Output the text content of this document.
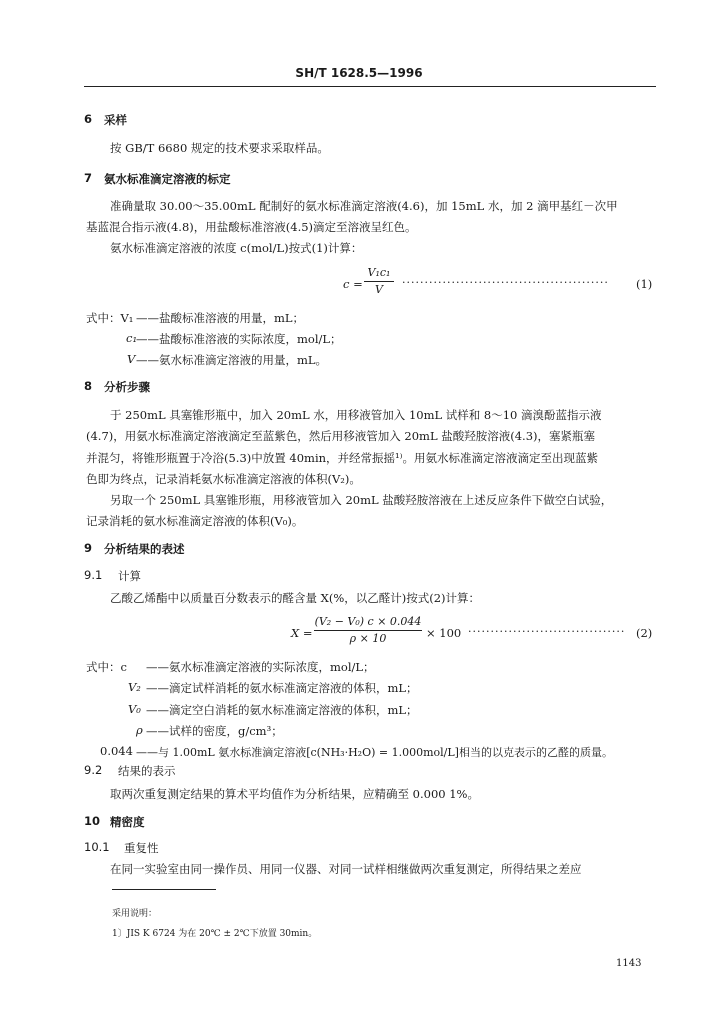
SH/T 1628.5—1996
6 采样
按 GB/T 6680 规定的技术要求采取样品。
7 氨水标准滴定溶液的标定
准确量取 30.00～35.00mL 配制好的氨水标准滴定溶液(4.6)，加 15mL 水，加 2 滴甲基红－次甲
基蓝混合指示液(4.8)，用盐酸标准溶液(4.5)滴定至溶液呈红色。
氨水标准滴定溶液的浓度 c(mol/L)按式(1)计算：
c =
V₁c₁
V
·············································· (1)
式中：V₁ ——盐酸标准溶液的用量，mL；
c₁
——盐酸标准溶液的实际浓度，mol/L；
V ——氨水标准滴定溶液的用量，mL。
8 分析步骤
于 250mL 具塞锥形瓶中，加入 20mL 水，用移液管加入 10mL 试样和 8～10 滴溴酚蓝指示液
(4.7)，用氨水标准滴定溶液滴定至蓝紫色，然后用移液管加入 20mL 盐酸羟胺溶液(4.3)，塞紧瓶塞
并混匀，将锥形瓶置于冷浴(5.3)中放置 40min，并经常振摇¹⁾。用氨水标准滴定溶液滴定至出现蓝紫
色即为终点，记录消耗氨水标准滴定溶液的体积(V₂)。
另取一个 250mL 具塞锥形瓶，用移液管加入 20mL 盐酸羟胺溶液在上述反应条件下做空白试验，
记录消耗的氨水标准滴定溶液的体积(V₀)。
9 分析结果的表述
9.1 计算
乙酸乙烯酯中以质量百分数表示的醛含量 X(%，以乙醛计)按式(2)计算：
X =
(V₂ − V₀) c × 0.044
ρ × 10	× 100 ··································· (2)
式中：c ——氨水标准滴定溶液的实际浓度，mol/L；
V₂ ——滴定试样消耗的氨水标准滴定溶液的体积，mL；
V₀ ——滴定空白消耗的氨水标准滴定溶液的体积，mL；
ρ ——试样的密度，g/cm³；
0.044 ——与 1.00mL 氨水标准滴定溶液[c(NH₃·H₂O) = 1.000mol/L]相当的以克表示的乙醛的质量。
9.2 结果的表示
取两次重复测定结果的算术平均值作为分析结果，应精确至 0.000 1%。
10 精密度
10.1 重复性
在同一实验室由同一操作员、用同一仪器、对同一试样相继做两次重复测定，所得结果之差应
采用说明：
1〕JIS K 6724 为在 20℃ ± 2℃下放置 30min。
1143
